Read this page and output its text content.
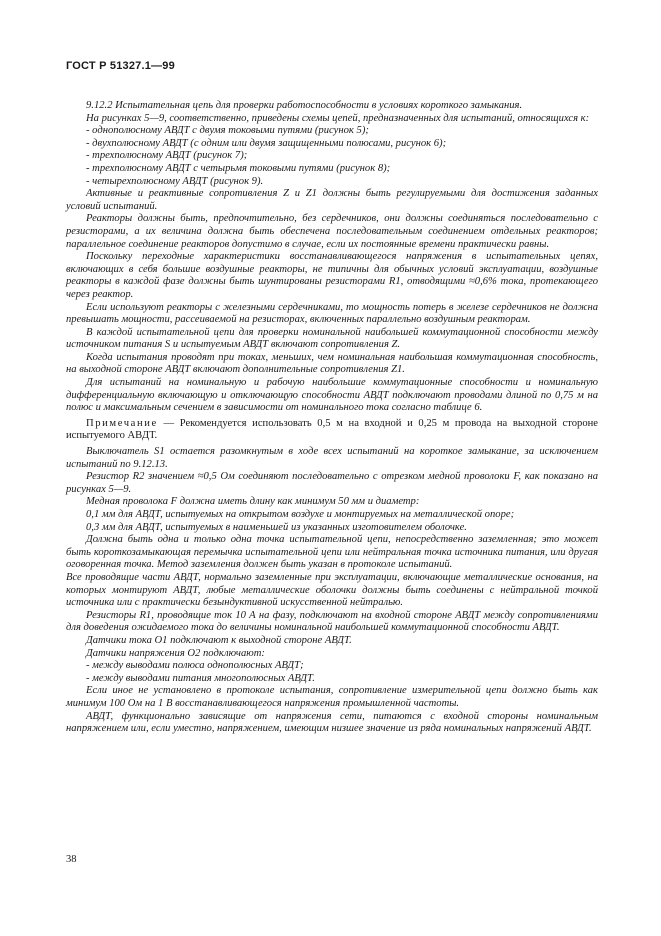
ГОСТ Р 51327.1—99

9.12.2 Испытательная цепь для проверки работоспособности в условиях короткого замыкания.

На рисунках 5—9, соответственно, приведены схемы цепей, предназначенных для испытаний, относящихся к:

- однополюсному АВДТ с двумя токовыми путями (рисунок 5);

- двухполюсному АВДТ (с одним или двумя защищенными полюсами, рисунок 6);

- трехполюсному АВДТ (рисунок 7);

- трехполюсному АВДТ с четырьмя токовыми путями (рисунок 8);

- четырехполюсному АВДТ (рисунок 9).

Активные и реактивные сопротивления Z и Z1 должны быть регулируемыми для достижения заданных условий испытаний.

Реакторы должны быть, предпочтительно, без сердечников, они должны соединяться последовательно с резисторами, а их величина должна быть обеспечена последовательным соединением отдельных реакторов; параллельное соединение реакторов допустимо в случае, если их постоянные времени практически равны.

Поскольку переходные характеристики восстанавливающегося напряжения в испытательных цепях, включающих в себя большие воздушные реакторы, не типичны для обычных условий эксплуатации, воздушные реакторы в каждой фазе должны быть шунтированы резисторами R1, отводящими ≈0,6% тока, протекающего через реактор.

Если используют реакторы с железными сердечниками, то мощность потерь в железе сердечников не должна превышать мощности, рассеиваемой на резисторах, включенных параллельно воздушным реакторам.

В каждой испытательной цепи для проверки номинальной наибольшей коммутационной способности между источником питания S и испытуемым АВДТ включают сопротивления Z.

Когда испытания проводят при токах, меньших, чем номинальная наибольшая коммутационная способность, на выходной стороне АВДТ включают дополнительные сопротивления Z1.

Для испытаний на номинальную и рабочую наибольшие коммутационные способности и номинальную дифференциальную включающую и отключающую способности АВДТ подключают проводами длиной по 0,75 м на полюс и максимальным сечением в зависимости от номинального тока согласно таблице 6.

Примечание — Рекомендуется использовать 0,5 м на входной и 0,25 м провода на выходной стороне испытуемого АВДТ.

Выключатель S1 остается разомкнутым в ходе всех испытаний на короткое замыкание, за исключением испытаний по 9.12.13.

Резистор R2 значением ≈0,5 Ом соединяют последовательно с отрезком медной проволоки F, как показано на рисунках 5—9.

Медная проволока F должна иметь длину как минимум 50 мм и диаметр:

0,1 мм для АВДТ, испытуемых на открытом воздухе и монтируемых на металлической опоре;

0,3 мм для АВДТ, испытуемых в наименьшей из указанных изготовителем оболочке.

Должна быть одна и только одна точка испытательной цепи, непосредственно заземленная; это может быть короткозамыкающая перемычка испытательной цепи или нейтральная точка источника питания, или другая оговоренная точка. Метод заземления должен быть указан в протоколе испытаний.

Все проводящие части АВДТ, нормально заземленные при эксплуатации, включающие металлические основания, на которых монтируют АВДТ, любые металлические оболочки должны быть соединены с нейтральной точкой источника или с практически безындуктивной искусственной нейтралью.

Резисторы R1, проводящие ток 10 А на фазу, подключают на входной стороне АВДТ между сопротивлениями для доведения ожидаемого тока до величины номинальной наибольшей коммутационной способности АВДТ.

Датчики тока O1 подключают к выходной стороне АВДТ.

Датчики напряжения O2 подключают:

- между выводами полюса однополюсных АВДТ;

- между выводами питания многополюсных АВДТ.

Если иное не установлено в протоколе испытания, сопротивление измерительной цепи должно быть как минимум 100 Ом на 1 В восстанавливающегося напряжения промышленной частоты.

АВДТ, функционально зависящие от напряжения сети, питаются с входной стороны номинальным напряжением или, если уместно, напряжением, имеющим низшее значение из ряда номинальных напряжений АВДТ.

38
